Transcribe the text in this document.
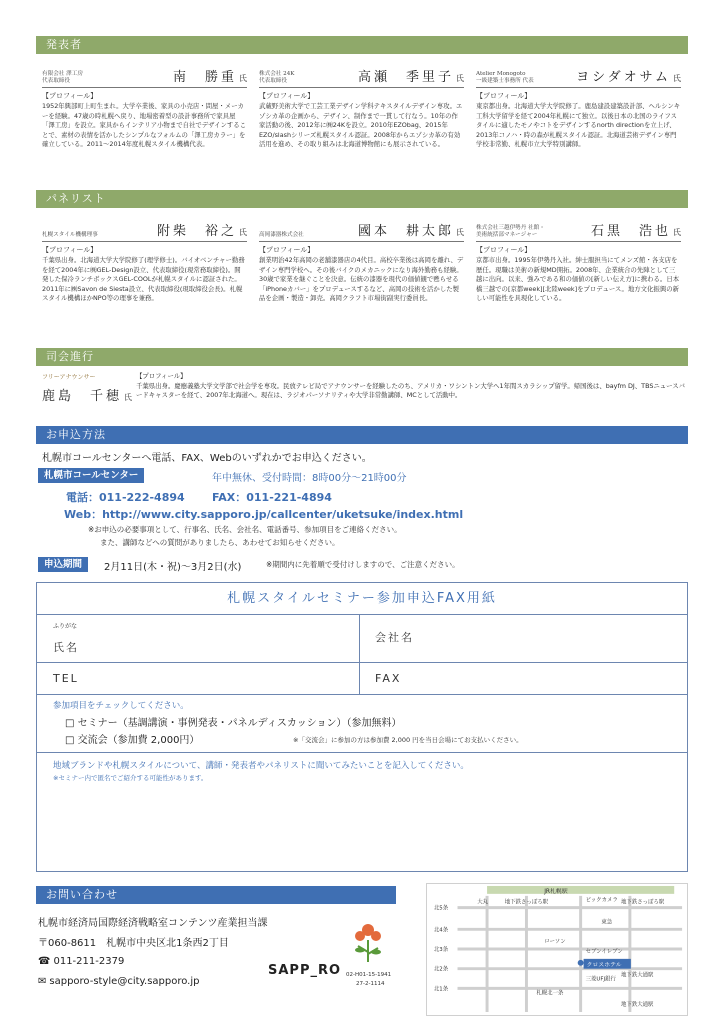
発表者
有限会社 澤工房
代表取締役	南　勝重 氏
【プロフィール】
1952年興部町上町生まれ。大学卒業後、家具の小売店・問屋・メーカーを経験。47歳の時札幌へ戻り、地場密着型の設計事務所で家具屋「澤工房」を設立。家具からインテリア小物まで自社でデザインすることで、素材の表情を活かしたシンプルなフォルムの「澤工房カラー」を確立している。2011～2014年度札幌スタイル機構代表。
株式会社 24K
代表取締役	高瀬　季里子 氏
【プロフィール】
武蔵野美術大学で工芸工業デザイン学科テキスタイルデザイン専攻。エゾシカ革の企画から、デザイン、制作まで一貫して行なう。10年の作家活動の後、2012年に㈱24Kを設立。2010年EZObag、2015年EZO/slashシリーズ札幌スタイル認証。2008年からエゾシカ革の有効活用を進め、その取り組みは北海道博物館にも展示されている。
Atelier Monogoto
一級建築士事務所 代表	ヨシダオサム 氏
【プロフィール】
東京都出身。北海道大学大学院修了。鹿島建設建築設計部、ヘルシンキ工科大学留学を経て2004年札幌にて独立。以後日本の北国のライフスタイルに適したモノやコトをデザインするnorth directionを立上げ、2013年コノハ・時の森が札幌スタイル認証。北海道芸術デザイン専門学校非常勤、札幌市立大学特別講師。
パネリスト
札幌スタイル機構理事	附柴　裕之 氏
【プロフィール】
千葉県出身。北海道大学大学院修了(理学修士)。バイオベンチャー勤務を経て2004年に㈱GEL-Design設立、代表取締役(現常務取締役)。開発した保冷ランチボックスGEL-COOLが札幌スタイルに認証された。2011年に㈱Savon de Siesta設立、代表取締役(現取締役会長)。札幌スタイル機構ほかNPO等の理事を兼務。
高岡漆器株式会社	國本　耕太郎 氏
【プロフィール】
創業明治42年高岡の老舗漆器店の4代目。高校卒業後は高岡を離れ、デザイン専門学校へ。その後バイクのメカニックになり海外勤務も経験。30歳で家業を継ぐことを決意。伝統の漆器を現代の価値観で甦らせる「iPhoneカバー」をプロデュースするなど、高岡の技術を活かした製品を企画・製造・卸売。高岡クラフト市場街副実行委員長。
株式会社三越伊勢丹 社館・
美術統括部マネージャー	石黒　浩也 氏
【プロフィール】
京都市出身。1995年伊勢丹入社。紳士服担当にてメンズ館・各支店を歴任。現職は美術の新規MD開拓。2008年、企業統合の先陣として三越に出向。以来、強みである和の価値の[新しい伝え方]に携わる。日本橋三越での[京都week][北陸week]をプロデュース。地方文化振興の新しい可能性を具現化している。
司会進行
フリーアナウンサー
鹿島　千穂 氏
【プロフィール】
千葉県出身。慶應義塾大学文学部で社会学を専攻。民放テレビ局でアナウンサーを経験したのち、アメリカ・ワシントン大学へ1年間スカラシップ留学。帰国後は、bayfm DJ、TBSニュースバードキャスターを経て、2007年北海道へ。現在は、ラジオパーソナリティや大学非常勤講師、MCとして活動中。
お申込方法
札幌市コールセンターへ電話、FAX、Webのいずれかでお申込ください。
札幌市コールセンター	年中無休、受付時間：8時00分～21時00分
電話：011-222-4894 FAX：011-221-4894
Web：http://www.city.sapporo.jp/callcenter/uketsuke/index.html
※お申込の必要事項として、行事名、氏名、会社名、電話番号、参加項目をご連絡ください。
また、講師などへの質問がありましたら、あわせてお知らせください。
申込期間	2月11日(木・祝)～3月2日(水)	※期間内に先着順で受付けしますので、ご注意ください。
札幌スタイルセミナー参加申込FAX用紙
ふりがな
氏名
会社名
TEL	FAX
参加項目をチェックしてください。
□ セミナー（基調講演・事例発表・パネルディスカッション）（参加無料）
□ 交流会（参加費 2,000円）	※「交流会」に参加の方は参加費 2,000 円を当日会場にてお支払いください。
地域ブランドや札幌スタイルについて、講師・発表者やパネリストに聞いてみたいことを記入してください。
※セミナー内で匿名でご紹介する可能性があります。
お問い合わせ
札幌市経済局国際経済戦略室コンテンツ産業担当課
〒060-8611　札幌市中央区北1条西2丁目
☎ 011-211-2379
✉ sapporo-style@city.sapporo.jp
SAPP_RO 02-H01-15-1941
27-2-1114
JR札幌駅
北5条
北4条
北3条
北2条
北1条
大丸	地下鉄さっぽろ駅	ビックカメラ 地下鉄さっぽろ駅
東急
ローソン
セブンイレブン
三菱UFJ銀行
札幌北一条
地下鉄大通駅
地下鉄大通駅
クロスホテル
